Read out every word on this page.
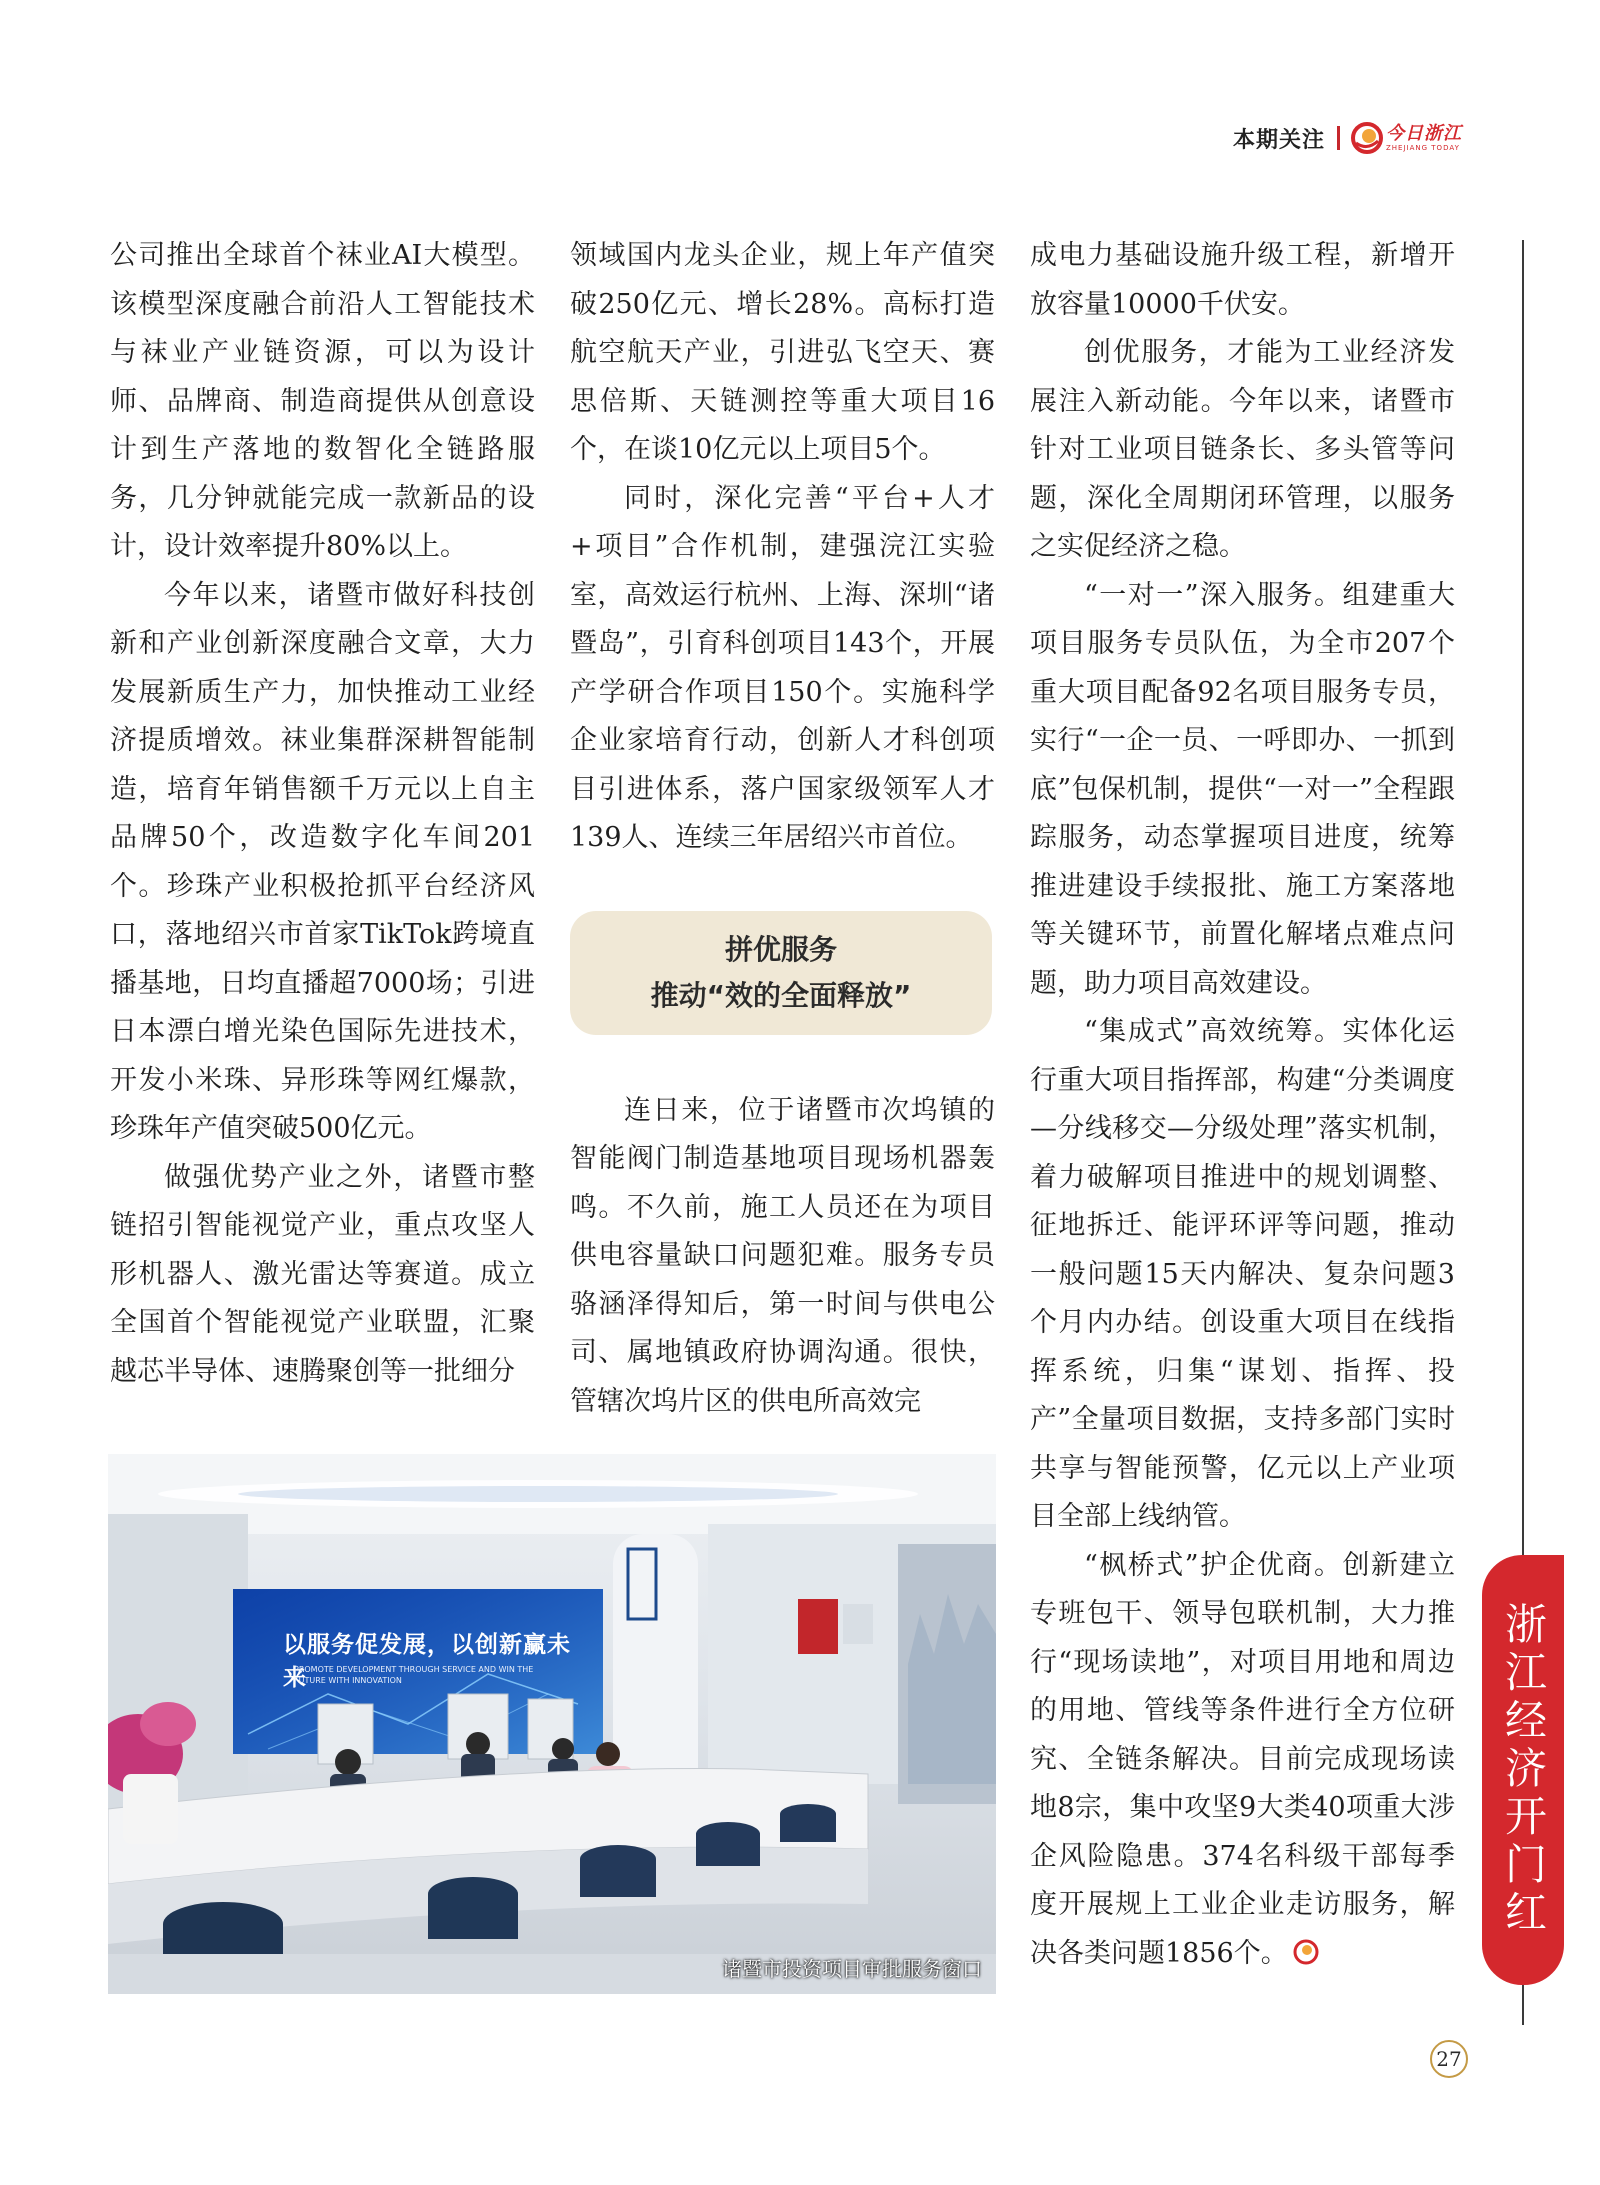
本期关注	今日浙江
ZHEJIANG TODAY

公司推出全球首个袜业AI大模型。该模型深度融合前沿人工智能技术与袜业产业链资源，可以为设计师、品牌商、制造商提供从创意设计到生产落地的数智化全链路服务，几分钟就能完成一款新品的设计，设计效率提升80%以上。

今年以来，诸暨市做好科技创新和产业创新深度融合文章，大力发展新质生产力，加快推动工业经济提质增效。袜业集群深耕智能制造，培育年销售额千万元以上自主品牌50个，改造数字化车间201个。珍珠产业积极抢抓平台经济风口，落地绍兴市首家TikTok跨境直播基地，日均直播超7000场；引进日本漂白增光染色国际先进技术，开发小米珠、异形珠等网红爆款，珍珠年产值突破500亿元。

做强优势产业之外，诸暨市整链招引智能视觉产业，重点攻坚人形机器人、激光雷达等赛道。成立全国首个智能视觉产业联盟，汇聚越芯半导体、速腾聚创等一批细分

领域国内龙头企业，规上年产值突破250亿元、增长28%。高标打造航空航天产业，引进弘飞空天、赛思倍斯、天链测控等重大项目16个，在谈10亿元以上项目5个。

同时，深化完善“平台+人才+项目”合作机制，建强浣江实验室，高效运行杭州、上海、深圳“诸暨岛”，引育科创项目143个，开展产学研合作项目150个。实施科学企业家培育行动，创新人才科创项目引进体系，落户国家级领军人才139人、连续三年居绍兴市首位。

拼优服务
推动“效的全面释放”

连日来，位于诸暨市次坞镇的智能阀门制造基地项目现场机器轰鸣。不久前，施工人员还在为项目供电容量缺口问题犯难。服务专员骆涵泽得知后，第一时间与供电公司、属地镇政府协调沟通。很快，管辖次坞片区的供电所高效完

成电力基础设施升级工程，新增开放容量10000千伏安。

创优服务，才能为工业经济发展注入新动能。今年以来，诸暨市针对工业项目链条长、多头管等问题，深化全周期闭环管理，以服务之实促经济之稳。

“一对一”深入服务。组建重大项目服务专员队伍，为全市207个重大项目配备92名项目服务专员，实行“一企一员、一呼即办、一抓到底”包保机制，提供“一对一”全程跟踪服务，动态掌握项目进度，统筹推进建设手续报批、施工方案落地等关键环节，前置化解堵点难点问题，助力项目高效建设。

“集成式”高效统筹。实体化运行重大项目指挥部，构建“分类调度—分线移交—分级处理”落实机制，着力破解项目推进中的规划调整、征地拆迁、能评环评等问题，推动一般问题15天内解决、复杂问题3个月内办结。创设重大项目在线指挥系统，归集“谋划、指挥、投产”全量项目数据，支持多部门实时共享与智能预警，亿元以上产业项目全部上线纳管。

“枫桥式”护企优商。创新建立专班包干、领导包联机制，大力推行“现场读地”，对项目用地和周边的用地、管线等条件进行全方位研究、全链条解决。目前完成现场读地8宗，集中攻坚9大类40项重大涉企风险隐患。374名科级干部每季度开展规上工业企业走访服务，解决各类问题1856个。

以服务促发展，以创新赢未来
PROMOTE DEVELOPMENT THROUGH SERVICE AND WIN THE FUTURE WITH INNOVATION
诸暨市投资项目审批服务窗口
浙江经济开门红
27
